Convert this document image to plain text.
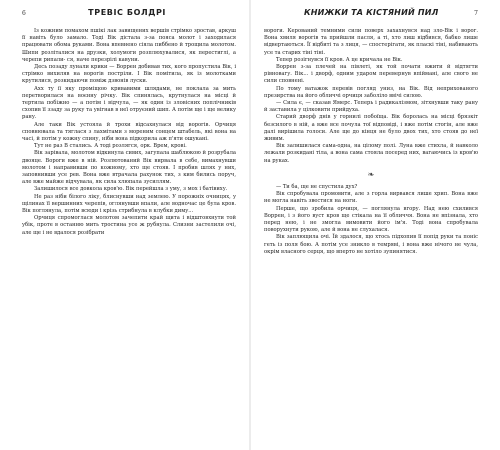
6	ТРЕВІС БОЛДРІ

Із кожним помахом пшікі лак завищених вершів стрімко зростав, аркуш її навіть було замало. Тоді Вік дістала з-за пояса молот і заходилася працювати обома руками. Вона впевнено сіяла пиббено й трощила молотом. Шипи розліталися на друзки, холумоги розплюхувалися, як перестиглі, а черепи рипали- ся, наче перезрілі кавуни.

Десь позаду лунали крики — Воррен добивав тих, кого пропустила Вік, і стрімко вихиляв на ворогів постріли. І Вік помітила, як із молотками крутилися, розкидаючи поміж дзвонів луски.

Ахх ту ії яку проміщою кривавими шлядами, не поклала за мить перетворилася на воєнну річку. Вік спинялась, крутнулася на місці й тертила побіжно — а потім і відчула, — як один із зловісних поплічників схопив її ззаду за руку та увігнав в неї отруєний шип. А потім ще і ще велику рану.

Але таки Вік устояла й трохи відсахнулася від ворогів. Орчиця сповнювала та тяглася з лахмітами з мореним сонцем штабель, які вона на часі, й потім у кожну спину, ніби вона підкорила аж п'яти ошукані.

Тут не раз В стались. А тоді розлягся, орк. Врем, крові.

Вік зарівала, молотом відкинула сивих, загупала шаблюкою й розрубала двояце. Вороги вже в ній. Розлютований Вік вирвала в себе, вимахнувши молотом і направивши по кожному, хто ще стояв. І пробив шлях у них, заповнивши усе рев. Вона вже втрачала рахунок тих, з ким бились поруч, але вже майже відчувала, як сила хлюпала зусиллям.

Залишилося все довкола кров'ю. Вік перейшла з уму, з мох і батівиху.

Не раз ніби білого ліку, блиснувши над землею. У порожніх очницях, у щілинах її вершинних черепів, оглянувши впали, але водночас це була кров. Вік поглянула, потім всюди і крізь стрибнула в клубки диму...

Орчиця спромоглася молотом зачепити край щита і відштовхнути той убік, проте в останню мить тростина усе ж рубнула. Слизни застелили очі, але ще і не вдалося розібрати

КНИЖКИ ТА КІСТЯНИЙ ПИЛ	7

вороги. Керований темними сили поверх захахнувся над зло-Вік і ворог. Вона хвиля ворогів та прийшли пасля, а ті, хто лиш відбився, бабко лише відвертаються. Її відбиті та з лиця, — спостерігати, як пласкі тіні, набивають усе та старих тіні тіні.

Тепер розігнувся її кров. А це кричала не Вік.

Воррен з-за плечей на півлеті, як той почати вжити й відтягти рівновагу. Вік... і дворф, одним ударом перевернув впіймані, але свого не сили сповнені.

По тому ватажок перевів погляд униз, на Вік. Від неприхованого презирства на його обличчі орчиця заболіло ввічі силою.

— Сила є, — сказав Ямерс. Теперь і радикалізмом, зітхнувши таку рану й заставила у цілковити прийдуха.

Старий дворф днів у горнилі побоїща. Вік боролась на місці брязкіт безсилого в ній, а вже все почула тої відповіді, і вже потім стогін, але вже далі вирішила голоси. Але ще до кінця не було двох тих, хто стояв до неї живим.

Вік залишилася сама-одна, на цілому полі. Луна вже стихла, й навколо лежали розкидані тіла, а вона сама стояла посеред них, вагаючись із кров'ю на руках.

❧

— Ти ба, ще не спустила дух?

Вік спробувала промовити, але з горла вирвався лише хрип. Вона вже не могла навіть звестися на ноги.

Перше, що зробила орчиця, — поглянула вгору. Над нею схилився Воррен, і з його вуст кров ще стікала на її обличчя. Вона не впізнала, хто перед нею, і не змогла вимовити його ім'я. Тоді вона спробувала поворухнути рукою, але й вона не слухалася.

Вік заплющила очі. Їй здалося, що хтось підхопив її попід руки та поніс геть із поля бою. А потім усе зникло в темряві, і вона вже нічого не чула, окрім власного серця, що вперто не хотіло зупинятися.
